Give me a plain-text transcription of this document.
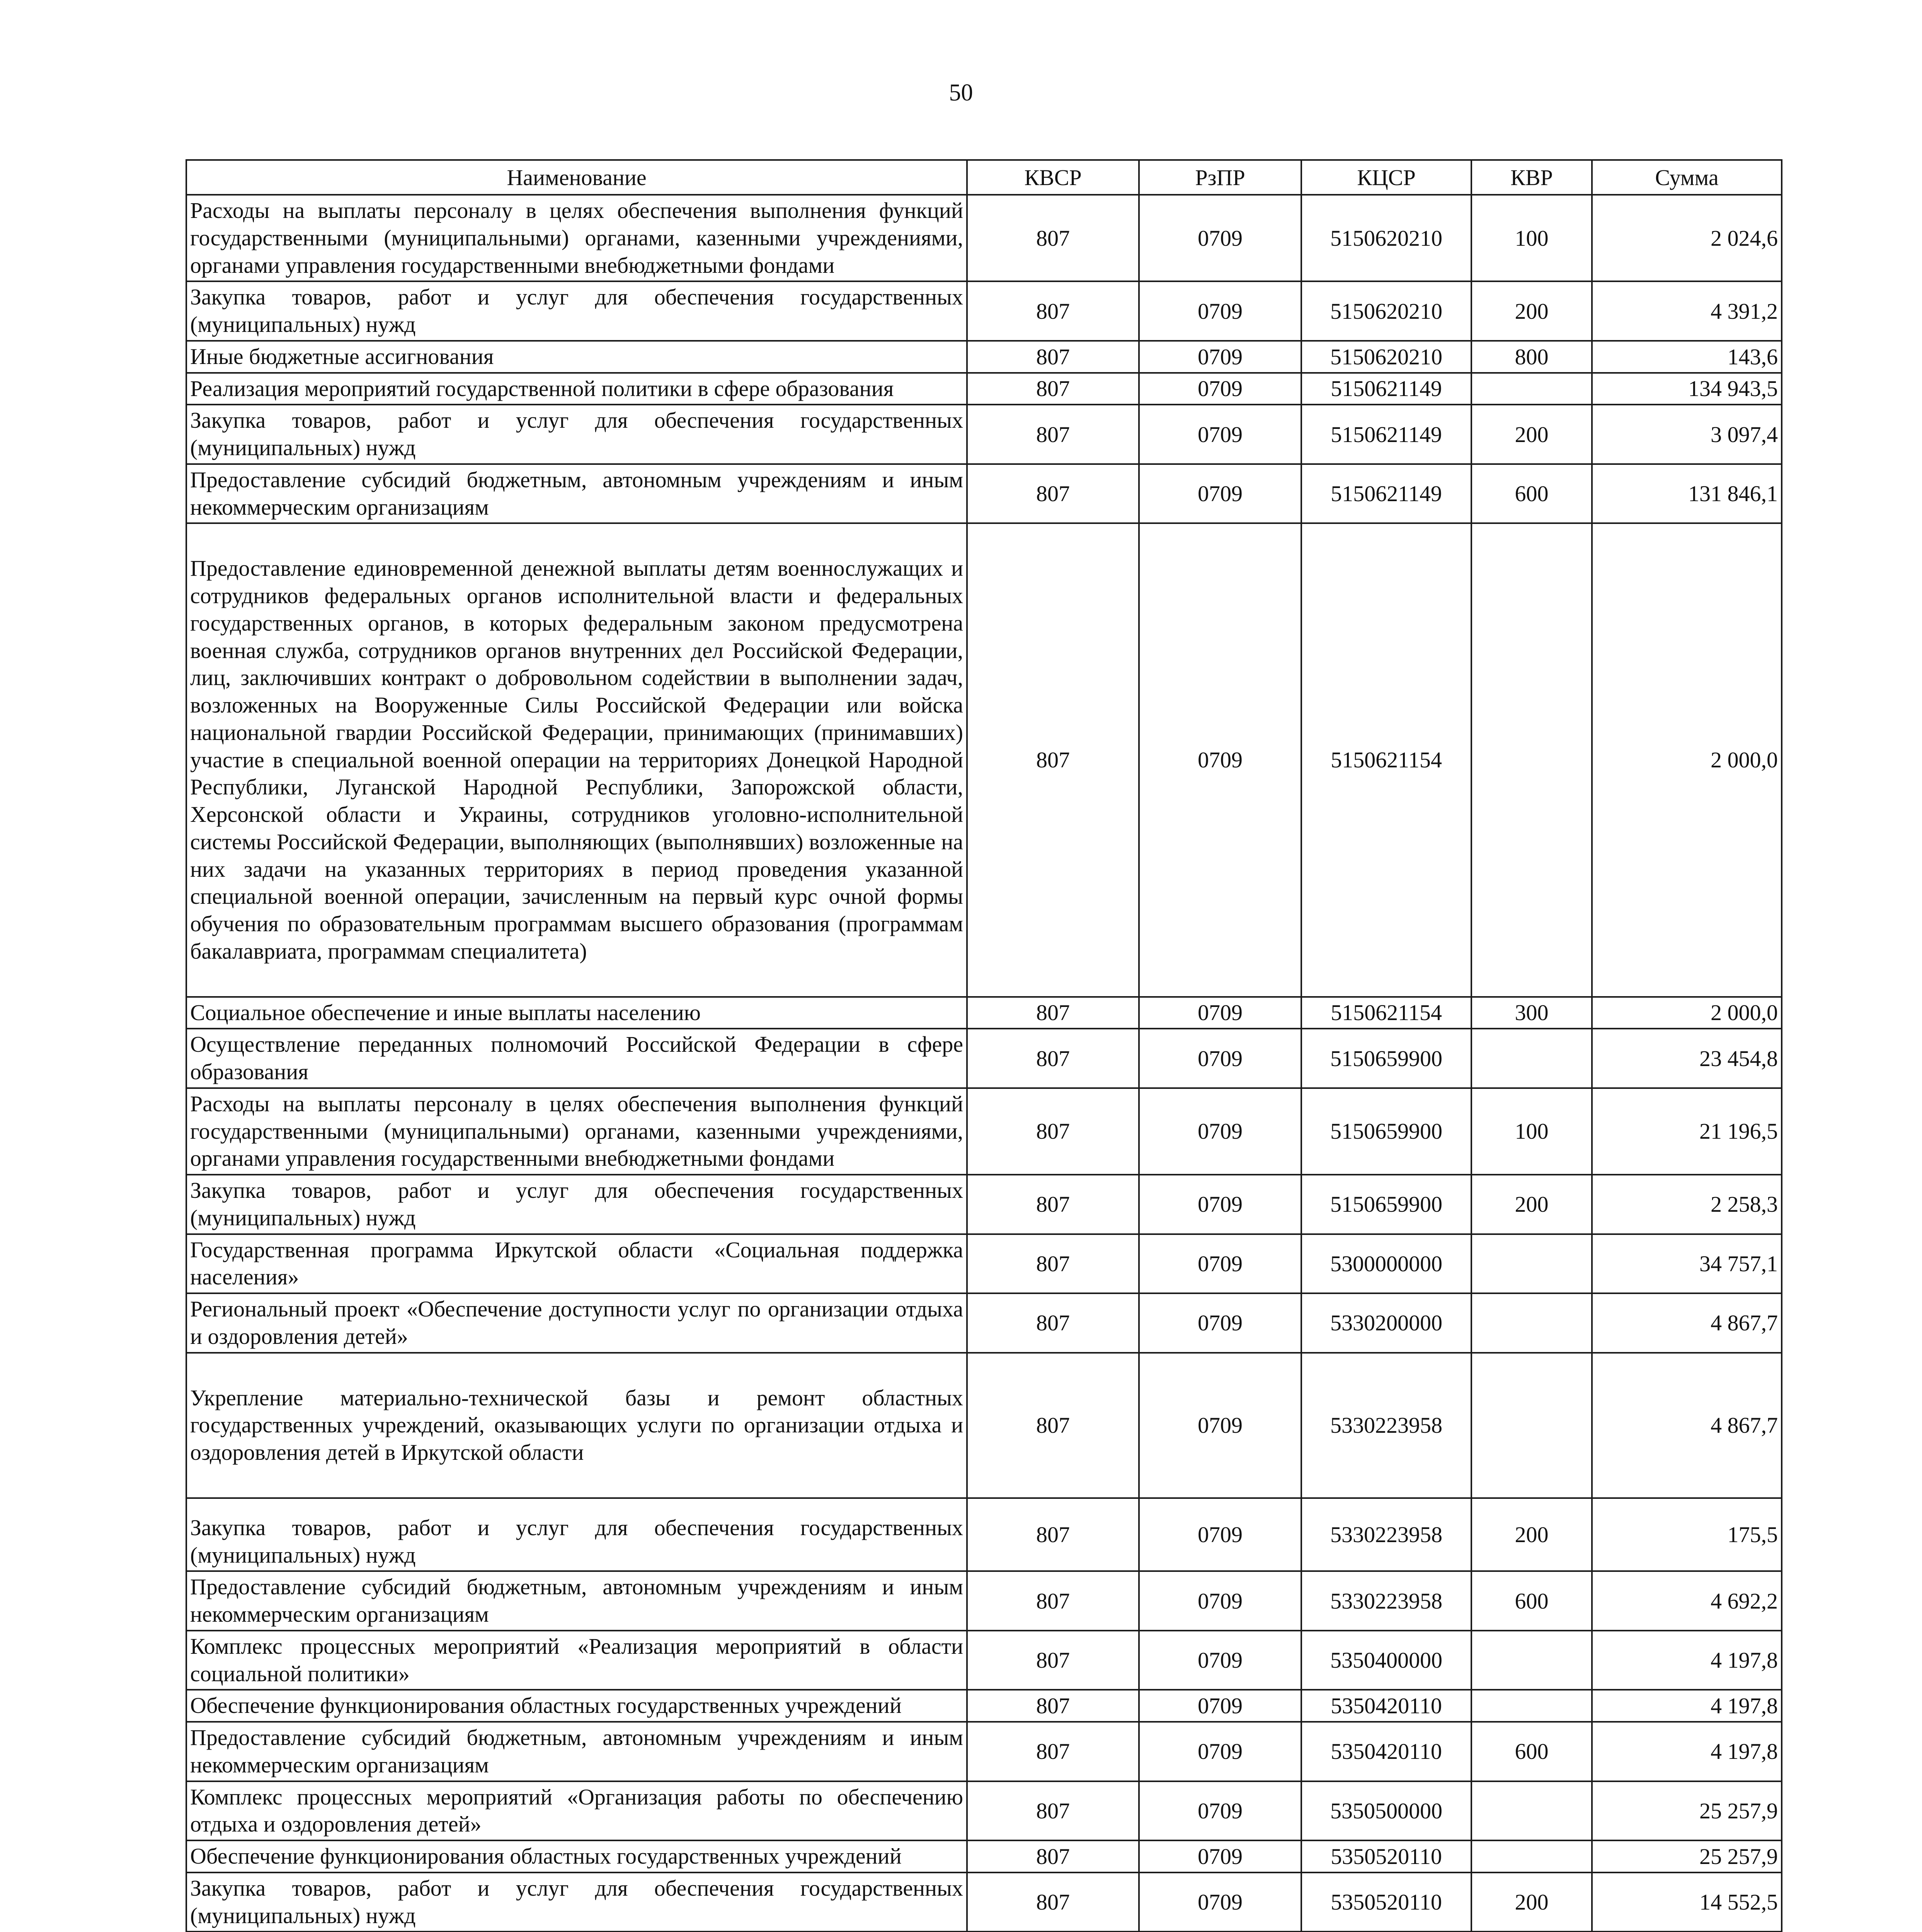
50
Наименование	КВСР	РзПР	КЦСР	КВР	Сумма
Расходы на выплаты персоналу в целях обеспечения выполнения функций государственными (муниципальными) органами, казенными учреждениями, органами управления государственными внебюджетными фондами	807	0709	5150620210	100	2 024,6
Закупка товаров, работ и услуг для обеспечения государственных (муниципальных) нужд	807	0709	5150620210	200	4 391,2
Иные бюджетные ассигнования	807	0709	5150620210	800	143,6
Реализация мероприятий государственной политики в сфере образования	807	0709	5150621149		134 943,5
Закупка товаров, работ и услуг для обеспечения государственных (муниципальных) нужд	807	0709	5150621149	200	3 097,4
Предоставление субсидий бюджетным, автономным учреждениям и иным некоммерческим организациям	807	0709	5150621149	600	131 846,1
Предоставление единовременной денежной выплаты детям военнослужащих и сотрудников федеральных органов исполнительной власти и федеральных государственных органов, в которых федеральным законом предусмотрена военная служба, сотрудников органов внутренних дел Российской Федерации, лиц, заключивших контракт о добровольном содействии в выполнении задач, возложенных на Вооруженные Силы Российской Федерации или войска национальной гвардии Российской Федерации, принимающих (принимавших) участие в специальной военной операции на территориях Донецкой Народной Республики, Луганской Народной Республики, Запорожской области, Херсонской области и Украины, сотрудников уголовно-исполнительной системы Российской Федерации, выполняющих (выполнявших) возложенные на них задачи на указанных территориях в период проведения указанной специальной военной операции, зачисленным на первый курс очной формы обучения по образовательным программам высшего образования (программам бакалавриата, программам специалитета)	807	0709	5150621154		2 000,0
Социальное обеспечение и иные выплаты населению	807	0709	5150621154	300	2 000,0
Осуществление переданных полномочий Российской Федерации в сфере образования	807	0709	5150659900		23 454,8
Расходы на выплаты персоналу в целях обеспечения выполнения функций государственными (муниципальными) органами, казенными учреждениями, органами управления государственными внебюджетными фондами	807	0709	5150659900	100	21 196,5
Закупка товаров, работ и услуг для обеспечения государственных (муниципальных) нужд	807	0709	5150659900	200	2 258,3
Государственная программа Иркутской области «Социальная поддержка населения»	807	0709	5300000000		34 757,1
Региональный проект «Обеспечение доступности услуг по организации отдыха и оздоровления детей»	807	0709	5330200000		4 867,7
Укрепление материально-технической базы и ремонт областных государственных учреждений, оказывающих услуги по организации отдыха и оздоровления детей в Иркутской области	807	0709	5330223958		4 867,7
Закупка товаров, работ и услуг для обеспечения государственных (муниципальных) нужд	807	0709	5330223958	200	175,5
Предоставление субсидий бюджетным, автономным учреждениям и иным некоммерческим организациям	807	0709	5330223958	600	4 692,2
Комплекс процессных мероприятий «Реализация мероприятий в области социальной политики»	807	0709	5350400000		4 197,8
Обеспечение функционирования областных государственных учреждений	807	0709	5350420110		4 197,8
Предоставление субсидий бюджетным, автономным учреждениям и иным некоммерческим организациям	807	0709	5350420110	600	4 197,8
Комплекс процессных мероприятий «Организация работы по обеспечению отдыха и оздоровления детей»	807	0709	5350500000		25 257,9
Обеспечение функционирования областных государственных учреждений	807	0709	5350520110		25 257,9
Закупка товаров, работ и услуг для обеспечения государственных (муниципальных) нужд	807	0709	5350520110	200	14 552,5
